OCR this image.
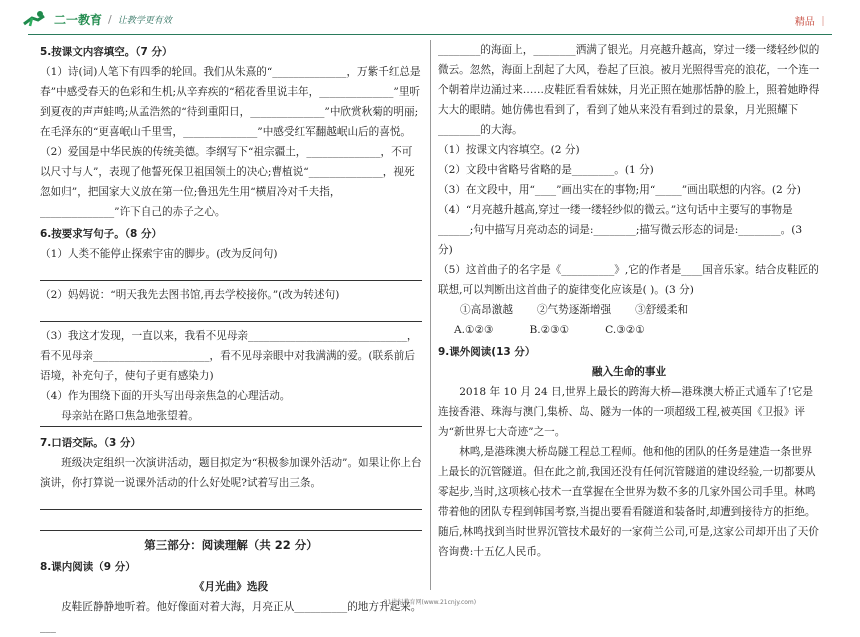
二一教育 / 让教学更有效	精品 ｜
5.按课文内容填空。（7 分）
（1）诗(词)人笔下有四季的轮回。我们从朱熹的“______________，万紫千红总是春”中感受春天的色彩和生机;从辛弃疾的“稻花香里说丰年，______________”里听到夏夜的声声蛙鸣;从孟浩然的“待到重阳日，______________”中欣赏秋菊的明丽;在毛泽东的“更喜岷山千里雪，______________”中感受红军翻越岷山后的喜悦。
（2）爱国是中华民族的传统美德。李纲写下“祖宗疆土，______________，不可以尺寸与人”，表现了他誓死保卫祖国领土的决心;曹植说“______________，视死忽如归”，把国家大义放在第一位;鲁迅先生用“横眉冷对千夫指，______________”许下自己的赤子之心。
6.按要求写句子。（8 分）
（1）人类不能停止探索宇宙的脚步。(改为反问句)
（2）妈妈说：“明天我先去图书馆,再去学校接你。”(改为转述句)
（3）我这才发现，一直以来，我看不见母亲______________________________，看不见母亲______________________，看不见母亲眼中对我满满的爱。(联系前后语境，补充句子，使句子更有感染力)
（4）作为围绕下面的开头写出母亲焦急的心理活动。
母亲站在路口焦急地张望着。
7.口语交际。（3 分）
班级决定组织一次演讲活动，题目拟定为“积极参加课外活动”。如果让你上台演讲，你打算说一说课外活动的什么好处呢?试着写出三条。
第三部分：阅读理解（共 22 分）
8.课内阅读（9 分）
《月光曲》选段
皮鞋匠静静地听着。他好像面对着大海，月亮正从__________的地方升起来。___
________的海面上，________洒满了银光。月亮越升越高，穿过一缕一缕轻纱似的微云。忽然，海面上刮起了大风，卷起了巨浪。被月光照得雪亮的浪花，一个连一个朝着岸边涌过来……皮鞋匠看看妹妹，月光正照在她那恬静的脸上，照着她睁得大大的眼睛。她仿佛也看到了，看到了她从来没有看到过的景象，月光照耀下________的大海。
（1）按课文内容填空。(2 分)
（2）文段中省略号省略的是________。(1 分)
（3）在文段中，用“____”画出实在的事物;用“_____”画出联想的内容。(2 分)
（4）“月亮越升越高,穿过一缕一缕轻纱似的微云。”这句话中主要写的事物是______;句中描写月亮动态的词是:________;描写微云形态的词是:________。(3 分)
（5）这首曲子的名字是《__________》,它的作者是____国音乐家。结合皮鞋匠的联想,可以判断出这首曲子的旋律变化应该是( )。(3 分)
①高昂激越 ②气势逐渐增强 ③舒缓柔和
A.①②③	B.②③①	C.③②①
9.课外阅读(13 分）
融入生命的事业
2018 年 10 月 24 日,世界上最长的跨海大桥—港珠澳大桥正式通车了!它是连接香港、珠海与澳门,集桥、岛、隧为一体的一项超级工程,被英国《卫报》评为“新世界七大奇迹”之一。
林鸣,是港珠澳大桥岛隧工程总工程师。他和他的团队的任务是建造一条世界上最长的沉管隧道。但在此之前,我国还没有任何沉管隧道的建设经验,一切都要从零起步,当时,这项核心技术一直掌握在全世界为数不多的几家外国公司手里。林鸣带着他的团队专程到韩国考察,当提出要看看隧道和装备时,却遭到接待方的拒绝。随后,林鸣找到当时世界沉管技术最好的一家荷兰公司,可是,这家公司却开出了天价咨询费:十五亿人民币。
21世纪教育网(www.21cnjy.com)
